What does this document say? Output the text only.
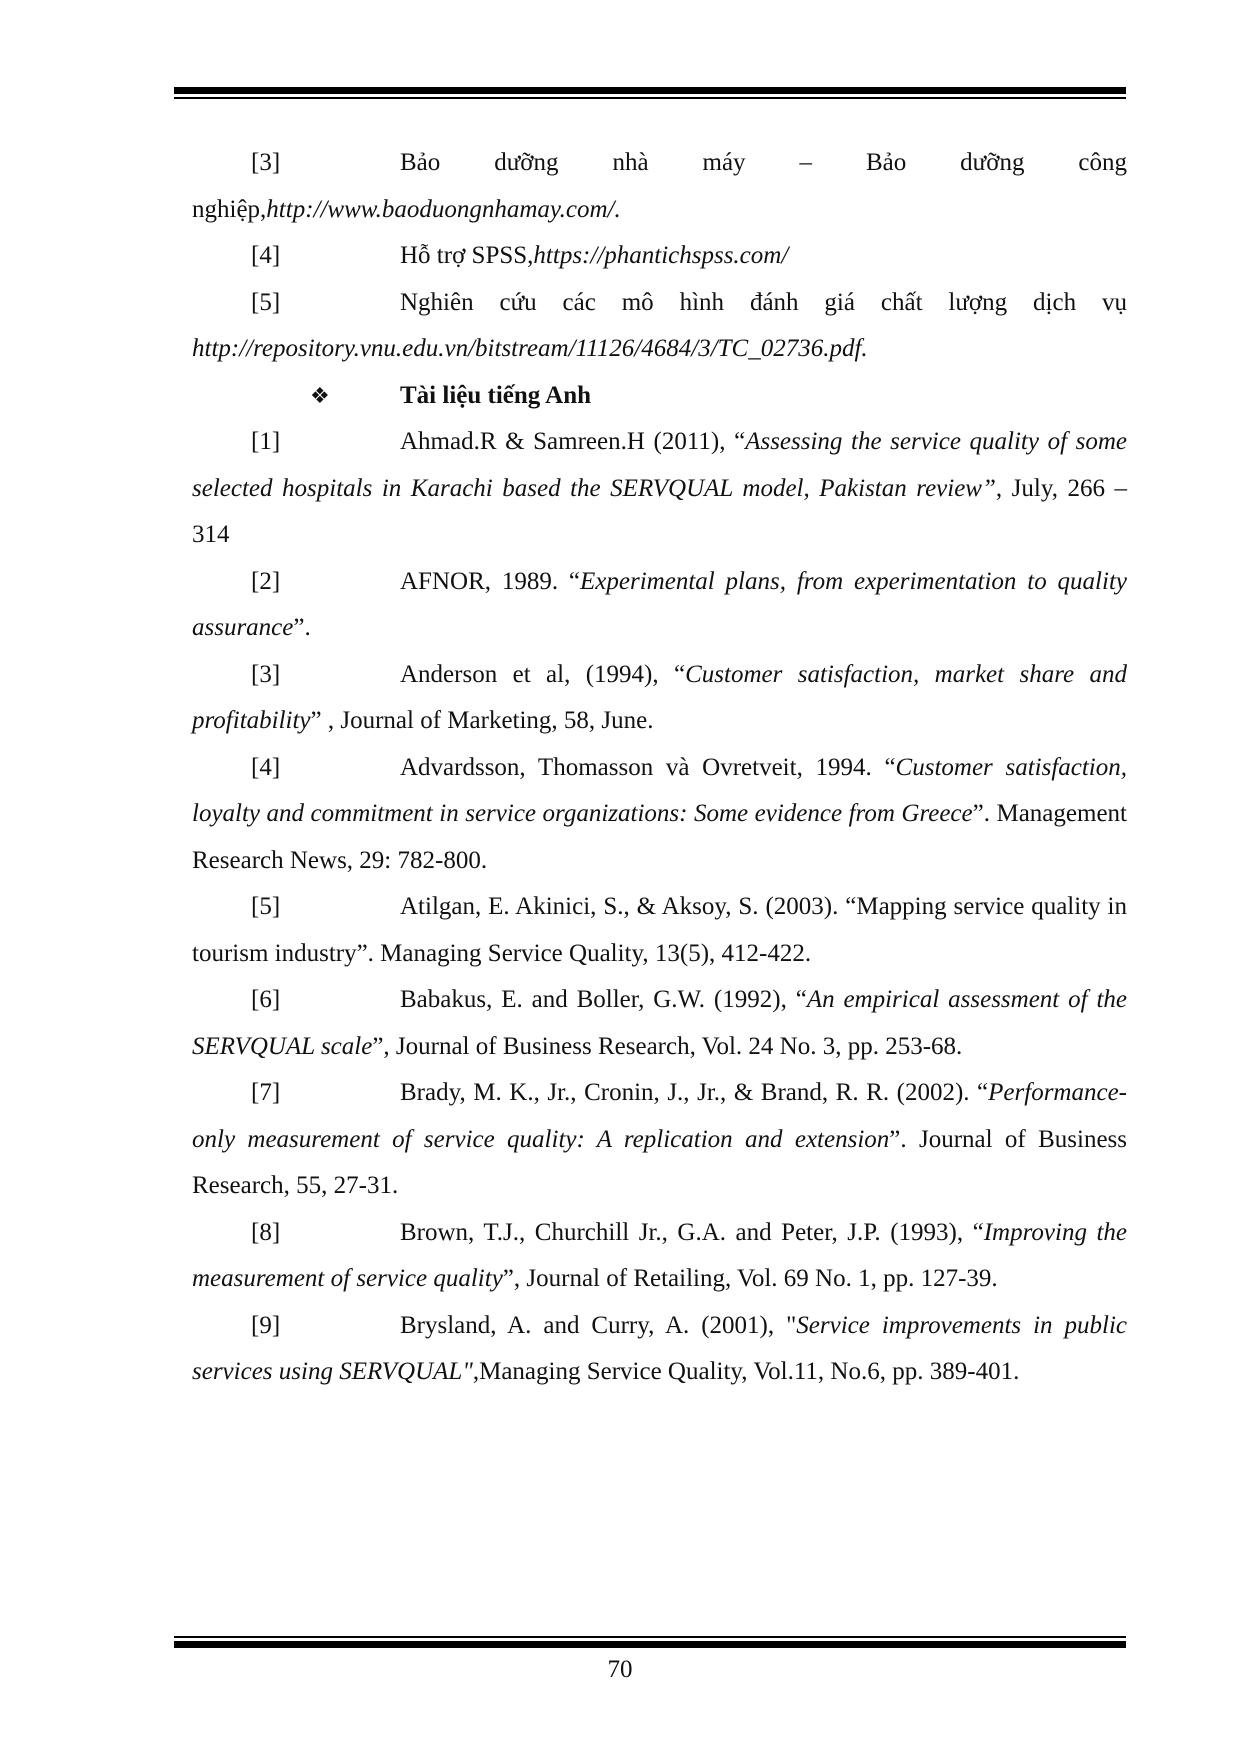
[3]	Bảo dưỡng nhà máy – Bảo dưỡng công nghiệp,http://www.baoduongnhamay.com/.

[4]	Hỗ trợ SPSS,https://phantichspss.com/

[5]	Nghiên cứu các mô hình đánh giá chất lượng dịch vụ http://repository.vnu.edu.vn/bitstream/11126/4684/3/TC_02736.pdf.

❖	Tài liệu tiếng Anh

[1]	Ahmad.R & Samreen.H (2011), “Assessing the service quality of some selected hospitals in Karachi based the SERVQUAL model, Pakistan review”, July, 266 – 314

[2]	AFNOR, 1989. “Experimental plans, from experimentation to quality assurance”.

[3]	Anderson et al, (1994), “Customer satisfaction, market share and profitability” , Journal of Marketing, 58, June.

[4]	Advardsson, Thomasson và Ovretveit, 1994. “Customer satisfaction, loyalty and commitment in service organizations: Some evidence from Greece”. Management Research News, 29: 782-800.

[5]	Atilgan, E. Akinici, S., & Aksoy, S. (2003). “Mapping service quality in tourism industry”. Managing Service Quality, 13(5), 412-422.

[6]	Babakus, E. and Boller, G.W. (1992), “An empirical assessment of the SERVQUAL scale”, Journal of Business Research, Vol. 24 No. 3, pp. 253-68.

[7]	Brady, M. K., Jr., Cronin, J., Jr., & Brand, R. R. (2002). “Performance-only measurement of service quality: A replication and extension”. Journal of Business Research, 55, 27-31.

[8]	Brown, T.J., Churchill Jr., G.A. and Peter, J.P. (1993), “Improving the measurement of service quality”, Journal of Retailing, Vol. 69 No. 1, pp. 127-39.

[9]	Brysland, A. and Curry, A. (2001), "Service improvements in public services using SERVQUAL",Managing Service Quality, Vol.11, No.6, pp. 389-401.

70
